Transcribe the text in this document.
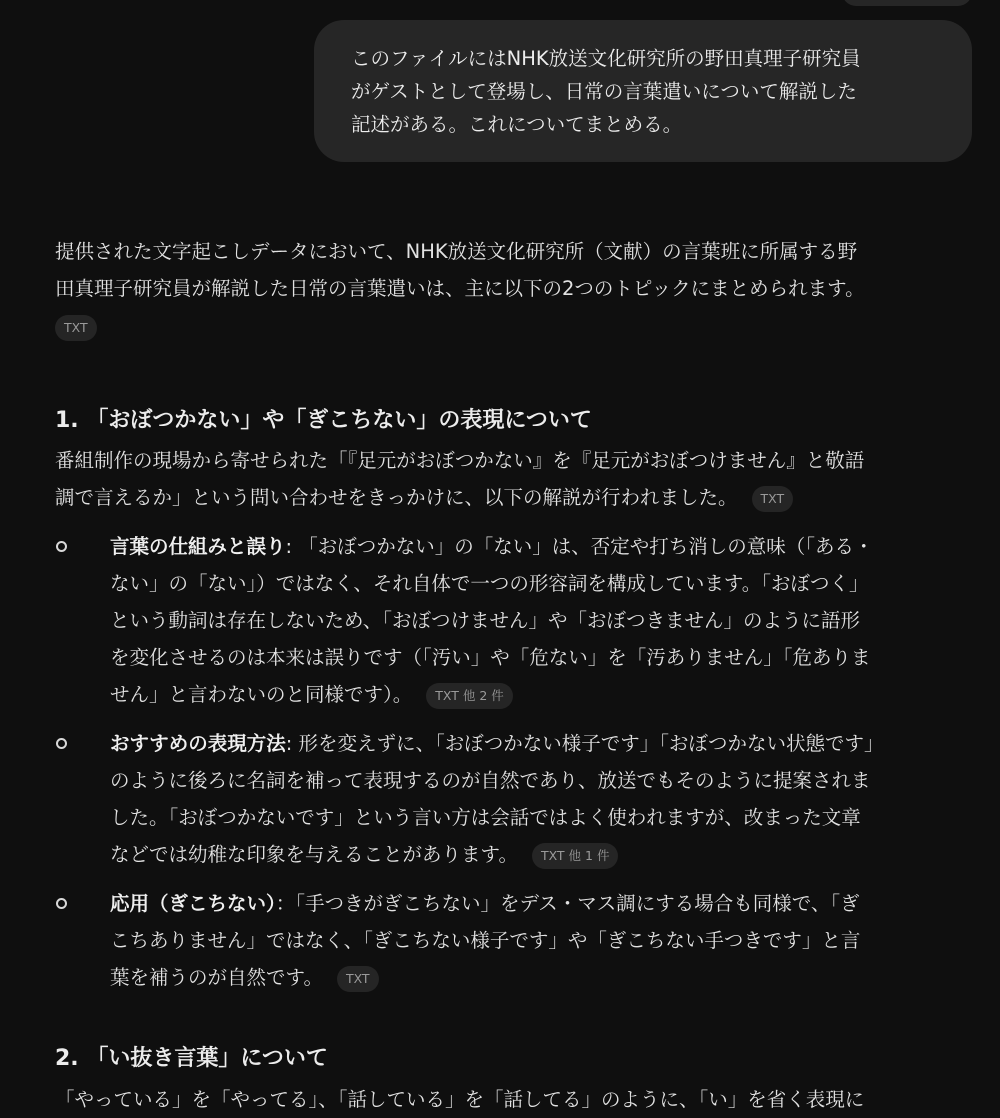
このファイルにはNHK放送文化研究所の野田真理子研究員
がゲストとして登場し、日常の言葉遣いについて解説した
記述がある。これについてまとめる。

提供された文字起こしデータにおいて、NHK放送文化研究所（文献）の言葉班に所属する野
田真理子研究員が解説した日常の言葉遣いは、主に以下の2つのトピックにまとめられます。
TXT

1. 「おぼつかない」や「ぎこちない」の表現について

番組制作の現場から寄せられた「『足元がおぼつかない』を『足元がおぼつけません』と敬語
調で言えるか」という問い合わせをきっかけに、以下の解説が行われました。 TXT

言葉の仕組みと誤り: 「おぼつかない」の「ない」は、否定や打ち消しの意味（「ある・
ない」の「ない」）ではなく、それ自体で一つの形容詞を構成しています。「おぼつく」
という動詞は存在しないため、「おぼつけません」や「おぼつきません」のように語形
を変化させるのは本来は誤りです（「汚い」や「危ない」を「汚ありません」「危ありま
せん」と言わないのと同様です）。 TXT 他 2 件
おすすめの表現方法: 形を変えずに、「おぼつかない様子です」「おぼつかない状態です」
のように後ろに名詞を補って表現するのが自然であり、放送でもそのように提案されま
した。「おぼつかないです」という言い方は会話ではよく使われますが、改まった文章
などでは幼稚な印象を与えることがあります。 TXT 他 1 件
応用（ぎこちない）：「手つきがぎこちない」をデス・マス調にする場合も同様で、「ぎ
こちありません」ではなく、「ぎこちない様子です」や「ぎこちない手つきです」と言
葉を補うのが自然です。 TXT
2. 「い抜き言葉」について

「やっている」を「やってる」、「話している」を「話してる」のように、「い」を省く表現に
